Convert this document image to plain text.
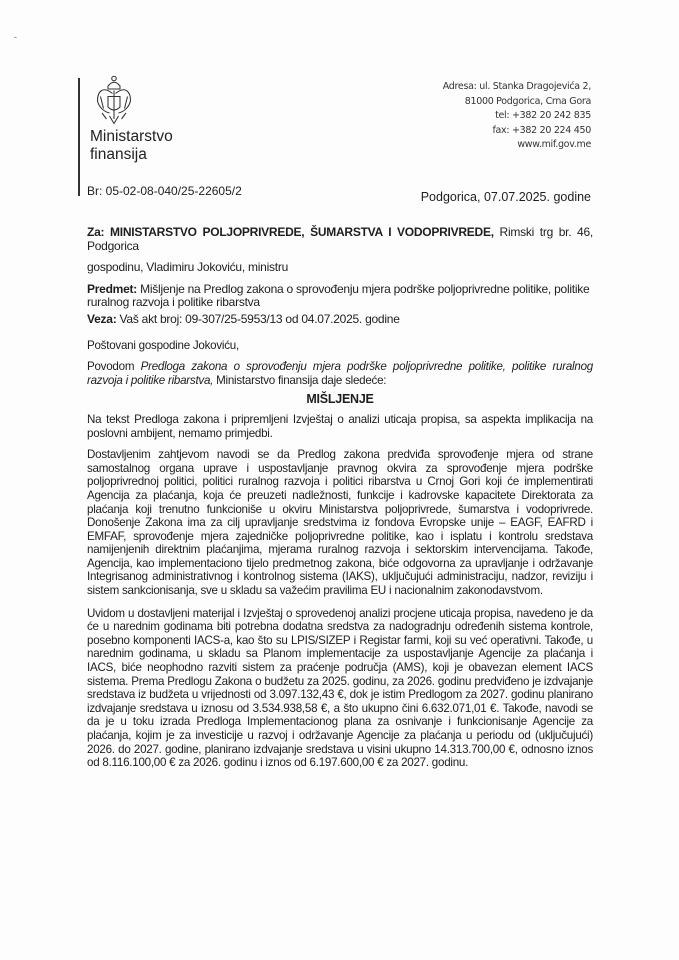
-
Ministarstvo
finansija
Adresa: ul. Stanka Dragojevića 2,
81000 Podgorica, Crna Gora
tel: +382 20 242 835
fax: +382 20 224 450
www.mif.gov.me
Br: 05-02-08-040/25-22605/2	Podgorica, 07.07.2025. godine
Za: MINISTARSTVO POLJOPRIVREDE, ŠUMARSTVA I VODOPRIVREDE, Rimski trg br. 46, Podgorica
gospodinu, Vladimiru Jokoviću, ministru
Predmet: Mišljenje na Predlog zakona o sprovođenju mjera podrške poljoprivredne politike, politike ruralnog razvoja i politike ribarstva
Veza: Vaš akt broj: 09-307/25-5953/13 od 04.07.2025. godine
Poštovani gospodine Jokoviću,
Povodom Predloga zakona o sprovođenju mjera podrške poljoprivredne politike, politike ruralnog razvoja i politike ribarstva, Ministarstvo finansija daje sledeće:
MIŠLJENJE
Na tekst Predloga zakona i pripremljeni Izvještaj o analizi uticaja propisa, sa aspekta implikacija na poslovni ambijent, nemamo primjedbi.
Dostavljenim zahtjevom navodi se da Predlog zakona predviđa sprovođenje mjera od strane samostalnog organa uprave i uspostavljanje pravnog okvira za sprovođenje mjera podrške poljoprivrednoj politici, politici ruralnog razvoja i politici ribarstva u Crnoj Gori koji će implementirati Agencija za plaćanja, koja će preuzeti nadležnosti, funkcije i kadrovske kapacitete Direktorata za plaćanja koji trenutno funkcioniše u okviru Ministarstva poljoprivrede, šumarstva i vodoprivrede. Donošenje Zakona ima za cilj upravljanje sredstvima iz fondova Evropske unije – EAGF, EAFRD i EMFAF, sprovođenje mjera zajedničke poljoprivredne politike, kao i isplatu i kontrolu sredstava namijenjenih direktnim plaćanjima, mjerama ruralnog razvoja i sektorskim intervencijama. Takođe, Agencija, kao implementaciono tijelo predmetnog zakona, biće odgovorna za upravljanje i održavanje Integrisanog administrativnog i kontrolnog sistema (IAKS), uključujući administraciju, nadzor, reviziju i sistem sankcionisanja, sve u skladu sa važećim pravilima EU i nacionalnim zakonodavstvom.
Uvidom u dostavljeni materijal i Izvještaj o sprovedenoj analizi procjene uticaja propisa, navedeno je da će u narednim godinama biti potrebna dodatna sredstva za nadogradnju određenih sistema kontrole, posebno komponenti IACS-a, kao što su LPIS/SIZEP i Registar farmi, koji su već operativni. Takođe, u narednim godinama, u skladu sa Planom implementacije za uspostavljanje Agencije za plaćanja i IACS, biće neophodno razviti sistem za praćenje područja (AMS), koji je obavezan element IACS sistema. Prema Predlogu Zakona o budžetu za 2025. godinu, za 2026. godinu predviđeno je izdvajanje sredstava iz budžeta u vrijednosti od 3.097.132,43 €, dok je istim Predlogom za 2027. godinu planirano izdvajanje sredstava u iznosu od 3.534.938,58 €, a što ukupno čini 6.632.071,01 €. Takođe, navodi se da je u toku izrada Predloga Implementacionog plana za osnivanje i funkcionisanje Agencije za plaćanja, kojim je za investicije u razvoj i održavanje Agencije za plaćanja u periodu od (uključujući) 2026. do 2027. godine, planirano izdvajanje sredstava u visini ukupno 14.313.700,00 €, odnosno iznos od 8.116.100,00 € za 2026. godinu i iznos od 6.197.600,00 € za 2027. godinu.
